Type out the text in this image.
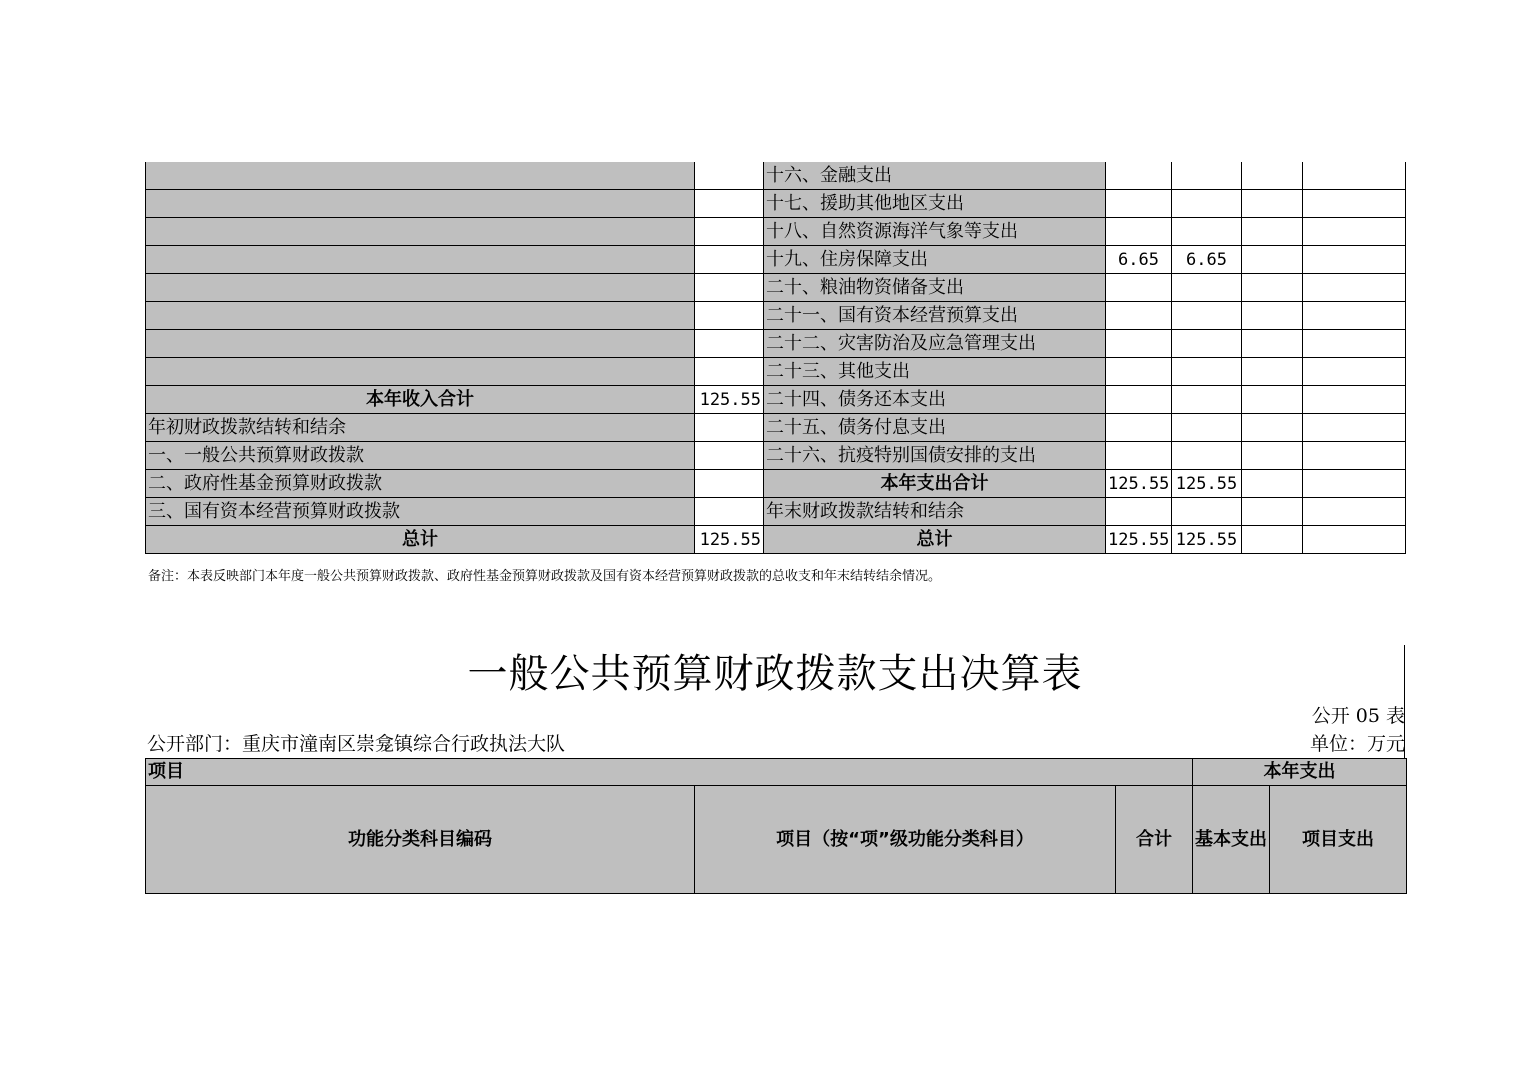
		十六、金融支出				
		十七、援助其他地区支出				
		十八、自然资源海洋气象等支出				
		十九、住房保障支出	6.65	6.65		
		二十、粮油物资储备支出				
		二十一、国有资本经营预算支出				
		二十二、灾害防治及应急管理支出				
		二十三、其他支出				
本年收入合计	125.55	二十四、债务还本支出				
年初财政拨款结转和结余		二十五、债务付息支出				
一、一般公共预算财政拨款		二十六、抗疫特别国债安排的支出				
二、政府性基金预算财政拨款		本年支出合计	125.55	125.55		
三、国有资本经营预算财政拨款		年末财政拨款结转和结余				
总计	125.55	总计	125.55	125.55		
备注：本表反映部门本年度一般公共预算财政拨款、政府性基金预算财政拨款及国有资本经营预算财政拨款的总收支和年末结转结余情况。
一般公共预算财政拨款支出决算表
公开 05 表
公开部门：重庆市潼南区崇龛镇综合行政执法大队	单位：万元
项目			本年支出	
功能分类科目编码	项目（按“项”级功能分类科目）	合计	基本支出	项目支出
